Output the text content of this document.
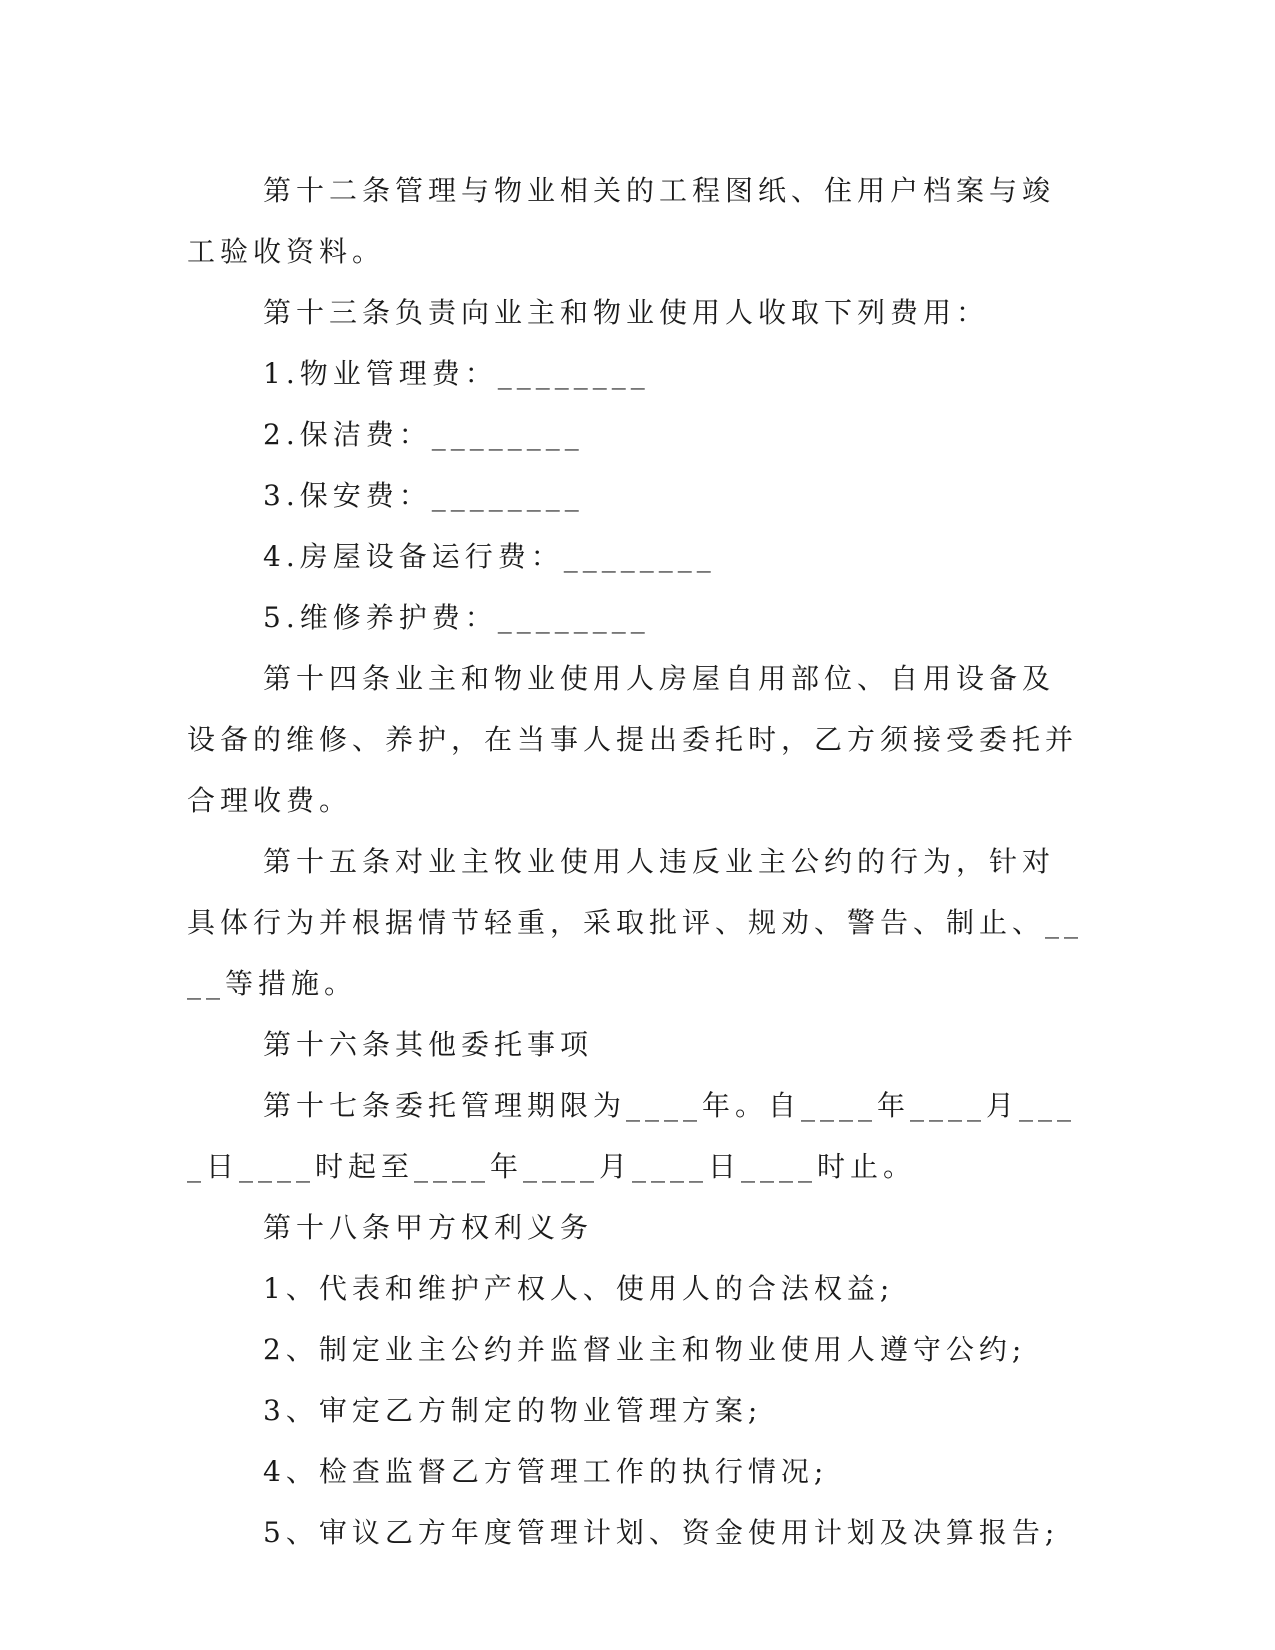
第十二条管理与物业相关的工程图纸、住用户档案与竣工验收资料。

第十三条负责向业主和物业使用人收取下列费用：

1.物业管理费：________

2.保洁费：________

3.保安费：________

4.房屋设备运行费：________

5.维修养护费：________

第十四条业主和物业使用人房屋自用部位、自用设备及设备的维修、养护，在当事人提出委托时，乙方须接受委托并合理收费。

第十五条对业主牧业使用人违反业主公约的行为，针对具体行为并根据情节轻重，采取批评、规劝、警告、制止、____等措施。

第十六条其他委托事项

第十七条委托管理期限为____年。自____年____月____日____时起至____年____月____日____时止。

第十八条甲方权利义务

1、代表和维护产权人、使用人的合法权益;

2、制定业主公约并监督业主和物业使用人遵守公约;

3、审定乙方制定的物业管理方案;

4、检查监督乙方管理工作的执行情况;

5、审议乙方年度管理计划、资金使用计划及决算报告;
